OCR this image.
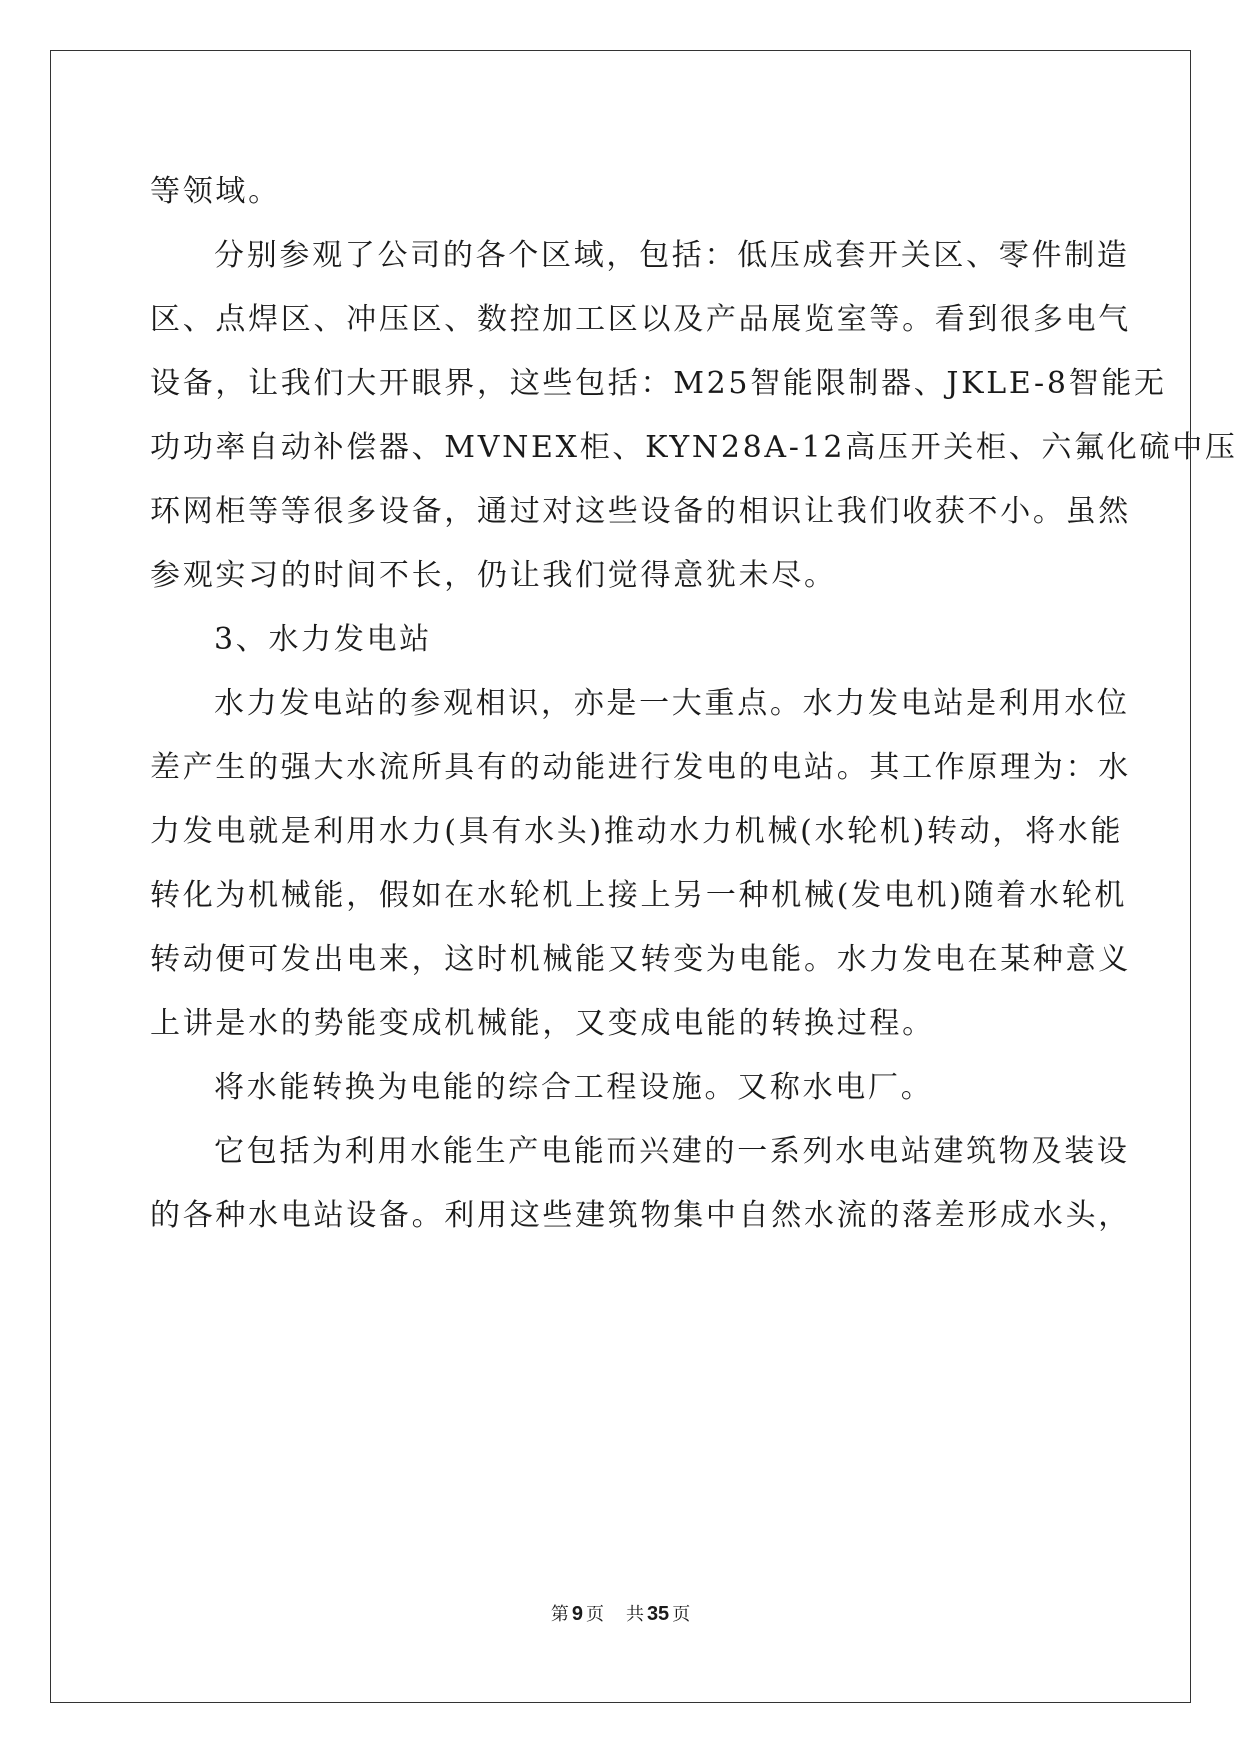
等领域。
分别参观了公司的各个区域，包括：低压成套开关区、零件制造
区、点焊区、冲压区、数控加工区以及产品展览室等。看到很多电气
设备，让我们大开眼界，这些包括：M25智能限制器、JKLE-8智能无
功功率自动补偿器、MVNEX柜、KYN28A-12高压开关柜、六氟化硫中压
环网柜等等很多设备，通过对这些设备的相识让我们收获不小。虽然
参观实习的时间不长，仍让我们觉得意犹未尽。
3、水力发电站
水力发电站的参观相识，亦是一大重点。水力发电站是利用水位
差产生的强大水流所具有的动能进行发电的电站。其工作原理为：水
力发电就是利用水力(具有水头)推动水力机械(水轮机)转动，将水能
转化为机械能，假如在水轮机上接上另一种机械(发电机)随着水轮机
转动便可发出电来，这时机械能又转变为电能。水力发电在某种意义
上讲是水的势能变成机械能，又变成电能的转换过程。
将水能转换为电能的综合工程设施。又称水电厂。
它包括为利用水能生产电能而兴建的一系列水电站建筑物及装设
的各种水电站设备。利用这些建筑物集中自然水流的落差形成水头，
第 9 页 共 35 页
